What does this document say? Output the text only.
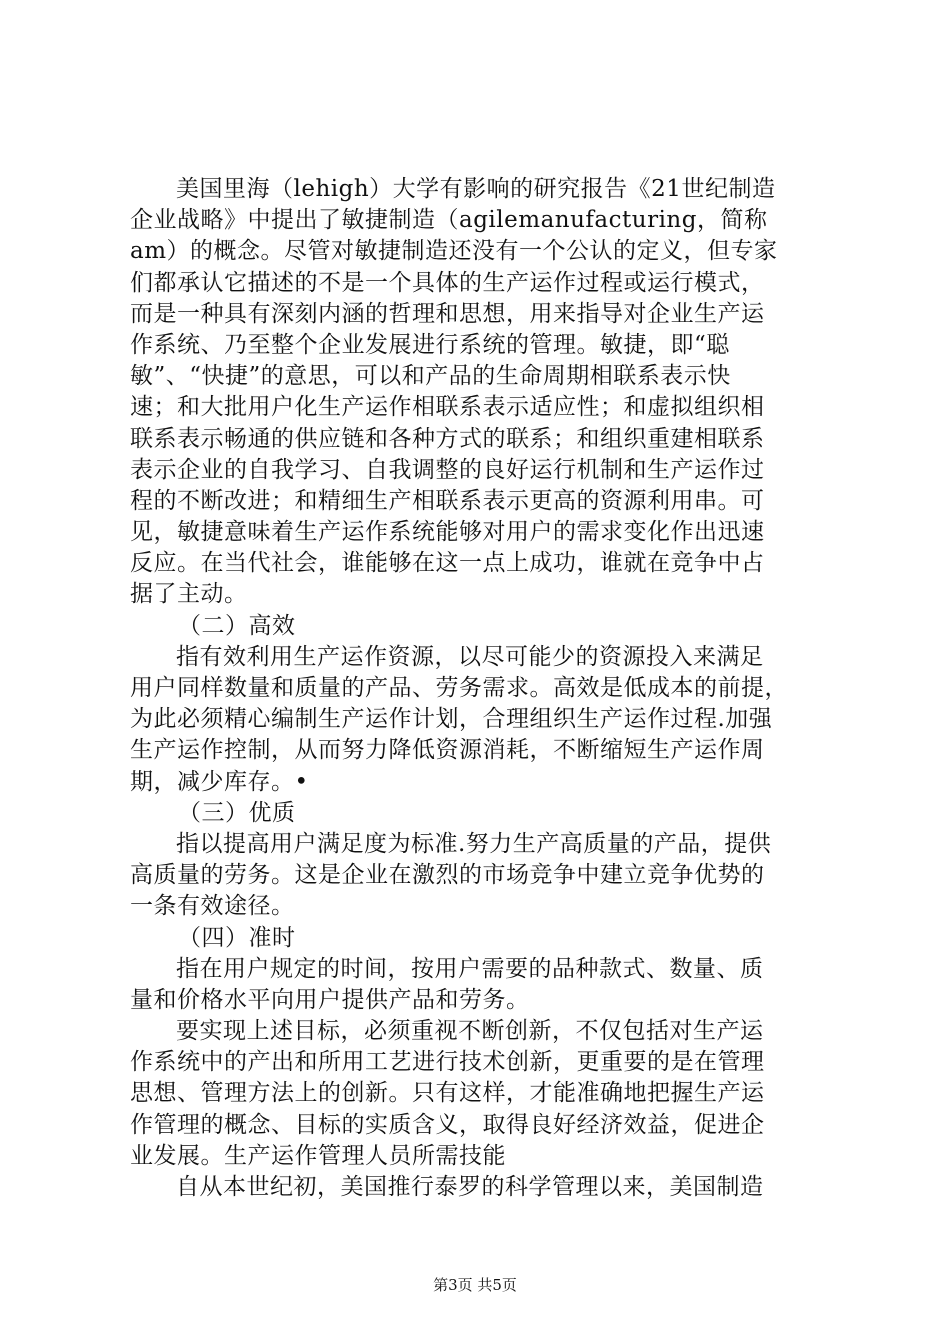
美国里海（lehigh）大学有影响的研究报告《21世纪制造
企业战略》中提出了敏捷制造（agilemanufacturing，简称
am）的概念。尽管对敏捷制造还没有一个公认的定义，但专家
们都承认它描述的不是一个具体的生产运作过程或运行模式，
而是一种具有深刻内涵的哲理和思想，用来指导对企业生产运
作系统、乃至整个企业发展进行系统的管理。敏捷，即“聪
敏”、“快捷”的意思，可以和产品的生命周期相联系表示快
速；和大批用户化生产运作相联系表示适应性；和虚拟组织相
联系表示畅通的供应链和各种方式的联系；和组织重建相联系
表示企业的自我学习、自我调整的良好运行机制和生产运作过
程的不断改进；和精细生产相联系表示更高的资源利用串。可
见，敏捷意味着生产运作系统能够对用户的需求变化作出迅速
反应。在当代社会，谁能够在这一点上成功，谁就在竞争中占
据了主动。
（二）高效
指有效利用生产运作资源，以尽可能少的资源投入来满足
用户同样数量和质量的产品、劳务需求。高效是低成本的前提，
为此必须精心编制生产运作计划，合理组织生产运作过程.加强
生产运作控制，从而努力降低资源消耗，不断缩短生产运作周
期，减少库存。•
（三）优质
指以提高用户满足度为标准.努力生产高质量的产品，提供
高质量的劳务。这是企业在激烈的市场竞争中建立竞争优势的
一条有效途径。
（四）准时
指在用户规定的时间，按用户需要的品种款式、数量、质
量和价格水平向用户提供产品和劳务。
要实现上述目标，必须重视不断创新，不仅包括对生产运
作系统中的产出和所用工艺进行技术创新，更重要的是在管理
思想、管理方法上的创新。只有这样，才能准确地把握生产运
作管理的概念、目标的实质含义，取得良好经济效益，促进企
业发展。生产运作管理人员所需技能
自从本世纪初，美国推行泰罗的科学管理以来，美国制造
第3页 共5页
